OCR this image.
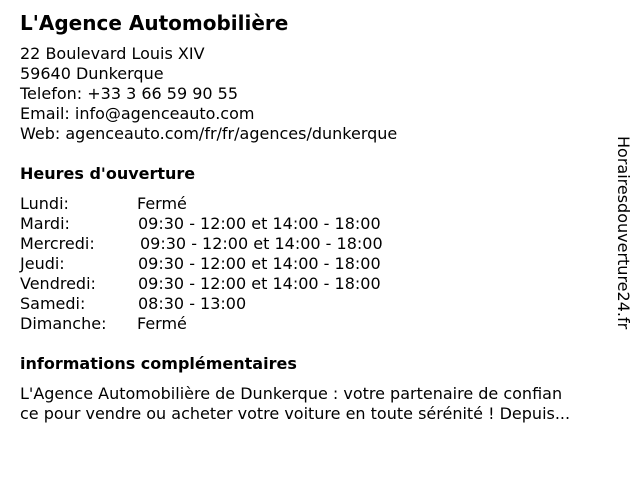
L'Agence Automobilière
22 Boulevard Louis XIV
59640 Dunkerque
Telefon: +33 3 66 59 90 55
Email: info@agenceauto.com
Web: agenceauto.com/fr/fr/agences/dunkerque
Heures d'ouverture
Lundi:	Fermé
Mardi:	09:30 - 12:00 et 14:00 - 18:00
Mercredi:	09:30 - 12:00 et 14:00 - 18:00
Jeudi:	09:30 - 12:00 et 14:00 - 18:00
Vendredi:	09:30 - 12:00 et 14:00 - 18:00
Samedi:	08:30 - 13:00
Dimanche: Fermé
informations complémentaires
L'Agence Automobilière de Dunkerque : votre partenaire de confian
ce pour vendre ou acheter votre voiture en toute sérénité ! Depuis...
Horairesdouverture24.fr
